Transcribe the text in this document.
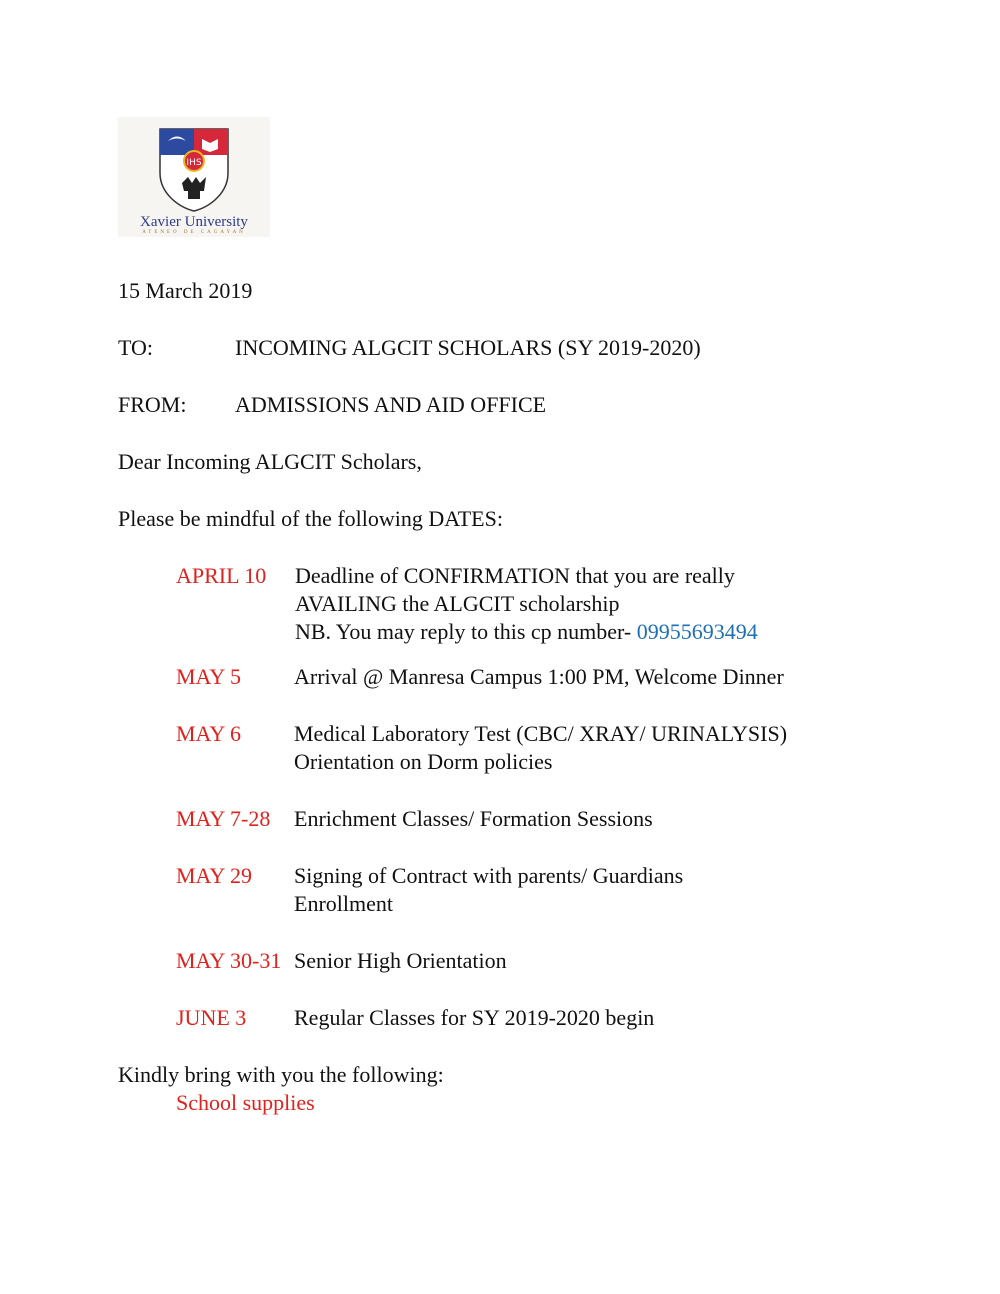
IHS
Xavier University
ATENEO DE CAGAYAN
15 March 2019
TO:	INCOMING ALGCIT SCHOLARS (SY 2019-2020)
FROM: ADMISSIONS AND AID OFFICE
Dear Incoming ALGCIT Scholars,
Please be mindful of the following DATES:
APRIL 10 Deadline of CONFIRMATION that you are really
AVAILING the ALGCIT scholarship
NB. You may reply to this cp number- 09955693494
MAY 5 Arrival @ Manresa Campus 1:00 PM, Welcome Dinner
MAY 6 Medical Laboratory Test (CBC/ XRAY/ URINALYSIS)
Orientation on Dorm policies
MAY 7-28 Enrichment Classes/ Formation Sessions
MAY 29 Signing of Contract with parents/ Guardians
Enrollment
MAY 30-31 Senior High Orientation
JUNE 3 Regular Classes for SY 2019-2020 begin
Kindly bring with you the following:
School supplies
